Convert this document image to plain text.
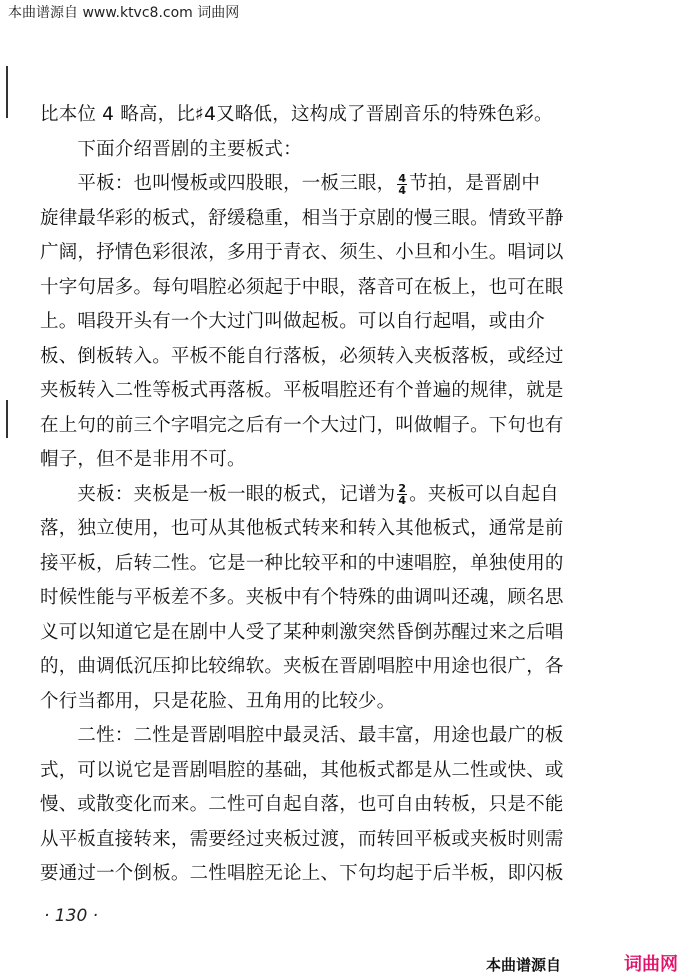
本曲谱源自 www.ktvc8.com 词曲网
比本位 4 略高，比♯4又略低，这构成了晋剧音乐的特殊色彩。
　　下面介绍晋剧的主要板式：
　　平板：也叫慢板或四股眼，一板三眼， $\frac{4}{4}$ 节拍，是晋剧中
旋律最华彩的板式，舒缓稳重，相当于京剧的慢三眼。情致平静
广阔，抒情色彩很浓，多用于青衣、须生、小旦和小生。唱词以
十字句居多。每句唱腔必须起于中眼，落音可在板上，也可在眼
上。唱段开头有一个大过门叫做起板。可以自行起唱，或由介
板、倒板转入。平板不能自行落板，必须转入夹板落板，或经过
夹板转入二性等板式再落板。平板唱腔还有个普遍的规律，就是
在上句的前三个字唱完之后有一个大过门，叫做帽子。下句也有
帽子，但不是非用不可。
　　夹板：夹板是一板一眼的板式，记谱为 $\frac{2}{4}$ 。夹板可以自起自
落，独立使用，也可从其他板式转来和转入其他板式，通常是前
接平板，后转二性。它是一种比较平和的中速唱腔，单独使用的
时候性能与平板差不多。夹板中有个特殊的曲调叫还魂，顾名思
义可以知道它是在剧中人受了某种刺激突然昏倒苏醒过来之后唱
的，曲调低沉压抑比较绵软。夹板在晋剧唱腔中用途也很广，各
个行当都用，只是花脸、丑角用的比较少。
　　二性：二性是晋剧唱腔中最灵活、最丰富，用途也最广的板
式，可以说它是晋剧唱腔的基础，其他板式都是从二性或快、或
慢、或散变化而来。二性可自起自落，也可自由转板，只是不能
从平板直接转来，需要经过夹板过渡，而转回平板或夹板时则需
要通过一个倒板。二性唱腔无论上、下句均起于后半板，即闪板
· 130 ·
本曲谱源自	词曲网
